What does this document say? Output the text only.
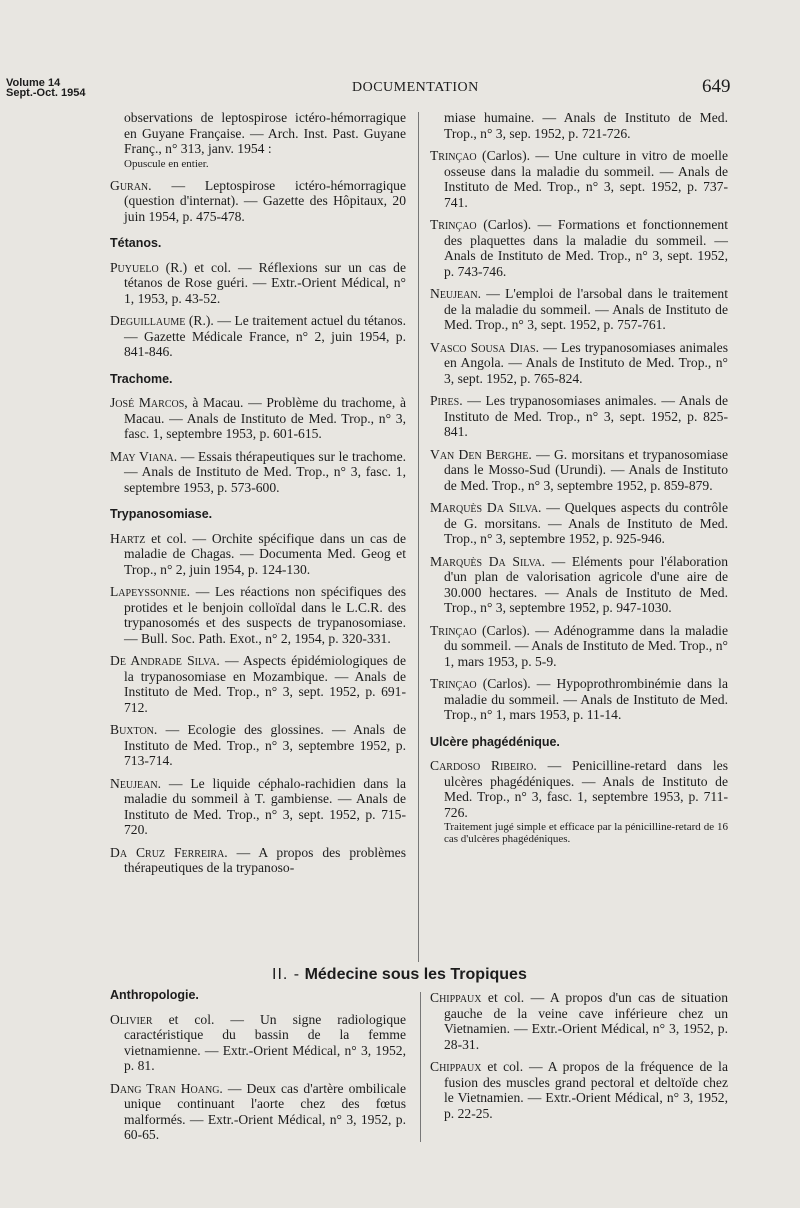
Volume 14
Sept.-Oct. 1954	DOCUMENTATION	649

observations de leptospirose ictéro-hémorragique en Guyane Française. — Arch. Inst. Past. Guyane Franç., n° 313, janv. 1954 :

Opuscule en entier.

Guran. — Leptospirose ictéro-hémorragique (question d'internat). — Gazette des Hôpitaux, 20 juin 1954, p. 475-478.

Tétanos.

Puyuelo (R.) et col. — Réflexions sur un cas de tétanos de Rose guéri. — Extr.-Orient Médical, n° 1, 1953, p. 43-52.

Deguillaume (R.). — Le traitement actuel du tétanos. — Gazette Médicale France, n° 2, juin 1954, p. 841-846.

Trachome.

José Marcos, à Macau. — Problème du trachome, à Macau. — Anals de Instituto de Med. Trop., n° 3, fasc. 1, septembre 1953, p. 601-615.

May Viana. — Essais thérapeutiques sur le trachome. — Anals de Instituto de Med. Trop., n° 3, fasc. 1, septembre 1953, p. 573-600.

Trypanosomiase.

Hartz et col. — Orchite spécifique dans un cas de maladie de Chagas. — Documenta Med. Geog et Trop., n° 2, juin 1954, p. 124-130.

Lapeyssonnie. — Les réactions non spécifiques des protides et le benjoin colloïdal dans le L.C.R. des trypanosomés et des suspects de trypanosomiase. — Bull. Soc. Path. Exot., n° 2, 1954, p. 320-331.

De Andrade Silva. — Aspects épidémiologiques de la trypanosomiase en Mozambique. — Anals de Instituto de Med. Trop., n° 3, sept. 1952, p. 691-712.

Buxton. — Ecologie des glossines. — Anals de Instituto de Med. Trop., n° 3, septembre 1952, p. 713-714.

Neujean. — Le liquide céphalo-rachidien dans la maladie du sommeil à T. gambiense. — Anals de Instituto de Med. Trop., n° 3, sept. 1952, p. 715-720.

Da Cruz Ferreira. — A propos des problèmes thérapeutiques de la trypanoso-

miase humaine. — Anals de Instituto de Med. Trop., n° 3, sep. 1952, p. 721-726.

Trinçao (Carlos). — Une culture in vitro de moelle osseuse dans la maladie du sommeil. — Anals de Instituto de Med. Trop., n° 3, sept. 1952, p. 737-741.

Trinçao (Carlos). — Formations et fonctionnement des plaquettes dans la maladie du sommeil. — Anals de Instituto de Med. Trop., n° 3, sept. 1952, p. 743-746.

Neujean. — L'emploi de l'arsobal dans le traitement de la maladie du sommeil. — Anals de Instituto de Med. Trop., n° 3, sept. 1952, p. 757-761.

Vasco Sousa Dias. — Les trypanosomiases animales en Angola. — Anals de Instituto de Med. Trop., n° 3, sept. 1952, p. 765-824.

Pires. — Les trypanosomiases animales. — Anals de Instituto de Med. Trop., n° 3, sept. 1952, p. 825-841.

Van Den Berghe. — G. morsitans et trypanosomiase dans le Mosso-Sud (Urundi). — Anals de Instituto de Med. Trop., n° 3, septembre 1952, p. 859-879.

Marquès Da Silva. — Quelques aspects du contrôle de G. morsitans. — Anals de Instituto de Med. Trop., n° 3, septembre 1952, p. 925-946.

Marquès Da Silva. — Eléments pour l'élaboration d'un plan de valorisation agricole d'une aire de 30.000 hectares. — Anals de Instituto de Med. Trop., n° 3, septembre 1952, p. 947-1030.

Trinçao (Carlos). — Adénogramme dans la maladie du sommeil. — Anals de Instituto de Med. Trop., n° 1, mars 1953, p. 5-9.

Trinçao (Carlos). — Hypoprothrombinémie dans la maladie du sommeil. — Anals de Instituto de Med. Trop., n° 1, mars 1953, p. 11-14.

Ulcère phagédénique.

Cardoso Ribeiro. — Penicilline-retard dans les ulcères phagédéniques. — Anals de Instituto de Med. Trop., n° 3, fasc. 1, septembre 1953, p. 711-726.

Traitement jugé simple et efficace par la pénicilline-retard de 16 cas d'ulcères phagédéniques.

II. - Médecine sous les Tropiques
Anthropologie.

Olivier et col. — Un signe radiologique caractéristique du bassin de la femme vietnamienne. — Extr.-Orient Médical, n° 3, 1952, p. 81.

Dang Tran Hoang. — Deux cas d'artère ombilicale unique continuant l'aorte chez des fœtus malformés. — Extr.-Orient Médical, n° 3, 1952, p. 60-65.

Chippaux et col. — A propos d'un cas de situation gauche de la veine cave inférieure chez un Vietnamien. — Extr.-Orient Médical, n° 3, 1952, p. 28-31.

Chippaux et col. — A propos de la fréquence de la fusion des muscles grand pectoral et deltoïde chez le Vietnamien. — Extr.-Orient Médical, n° 3, 1952, p. 22-25.
